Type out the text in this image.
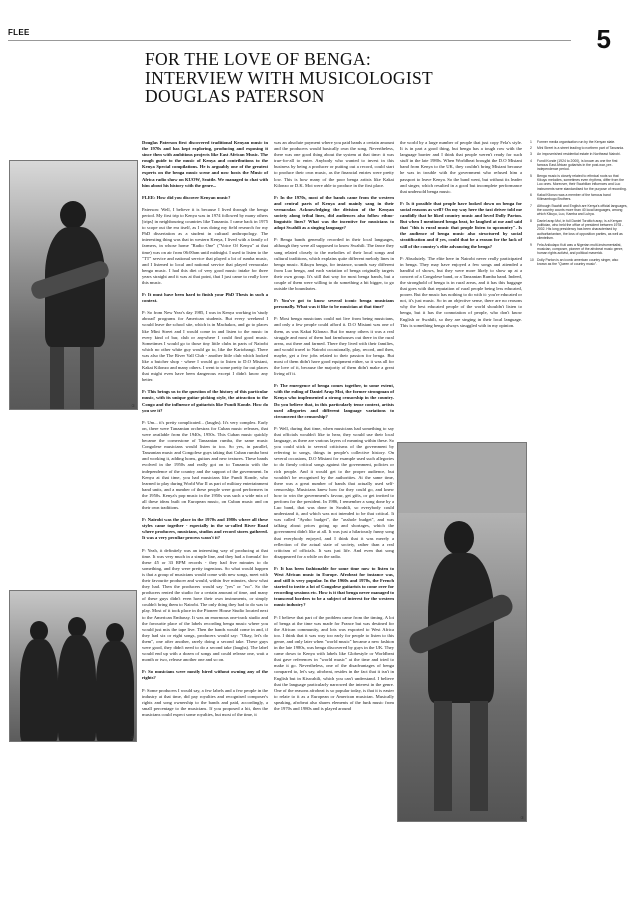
FLEE	5
FOR THE LOVE OF BENGA:
INTERVIEW WITH MUSICOLOGIST
DOUGLAS PATERSON
①
②
③

Douglas Paterson first discovered traditional Kenyan music in the 1970s and has kept exploring, producing and exposing it since then with ambitious projects like East African Music. The rough guide to the music of Kenya and contributions to the Kenya Special compilations. He is arguably one of the greatest experts on the benga music scene and now hosts the Music of Africa radio show on KUOW, Seattle. We managed to chat with him about his history with the genre...

FLEE: How did you discover Kenyan music?

Paterson: Well, I believe it is because I lived through the benga period. My first trip to Kenya was in 1974 followed by many others [trips] in neighbouring countries like Tanzania. I came back in 1975 to scope out the era itself, as I was doing my field research for my PhD dissertation as a student in cultural anthropology. The interesting thing was that in western Kenya, I lived with a family of farmers, in whose home "Radio One" ("Voice Of Kenya" at that time) was on air from 06:00am until midnight. I used to listen to the "TT" service and national service that played a lot of rumba music, and I listened to local and national service that played vernacular benga music. I had this diet of very good music intake for three years straight and it was at that point, that I just came to really love this music.

F: It must have been hard to finish your PhD Thesis in such a context.

P: So from New Year's day 1985, I was in Kenya working in 'study abroad' programs for American students. But every weekend I would leave the school site, which is in Machakos, and go to places like Mini Street and I would come in and listen to the music in every kind of bar, club or anywhere I could find good music. Sometimes I would go to those tiny little clubs in parts of Nairobi which no other white guy would go to, like the Kariobangi. There was also the The River Vall Club - another little club which looked like a butcher shop - where I would go to listen to D.O Misiani, Kakai Kilonzo and many others. I went to some pretty far out places that might even have been dangerous except I didn't know any better.

F: This brings us to the question of the history of this particular music, with its unique guitar picking style, the attraction to the Congo and the influence of guitarists like Fundi Konde. How do you see it?

P: Um... it's pretty complicated... (laughs). It's very complex. Early on, there were Tanzanian orchestras for Cuban music releases, that were available from the 1940s, 1950s. This Cuban music quickly became the cornerstone of Tanzanian rumba, the same music Congolese musicians would listen to too. So yes, in parallel, Tanzanian music and Congolese guys taking that Cuban rumba beat and working it, adding horns, guitars and new textures. These bands evolved in the 1950s and really got on to Tanzania with the independence of the country and the support of the government. In Kenya at that time, you had musicians like Fundi Konde, who learned to play during World War II as part of military entertainment band units, and a number of these people were good performers in the 1950s. Kenya's pop music in the 1950s was such a wide mix of all these ideas built on European music, on Cuban music and on their own traditions.

F: Nairobi was the place in the 1970s and 1980s where all these styles came together - especially in the so-called River Road where producers, musicians, studios and record stores gathered. It was a very peculiar process wasn't it?

P: Yeah, it definitely was an interesting way of producing at that time. It was very much in a simple line, and they had a formula' for these 45 or 33 RPM records - they had five minutes to do something, and they were pretty ingenious. So what would happen is that a group of musicians would come with new songs, meet with their favourite producer and would, within five minutes, show what they had. Then the producers would say "yes" or "no". So the producers rented the studio for a certain amount of time, and many of these guys didn't even have their own instruments, or simply couldn't bring them to Nairobi. The only thing they had to do was to play. Most of it took place in the Pioneer House Studio located next to the American Embassy. It was an enormous one-track studio and the favourite place of the labels recording benga music where you would just mix the tape live. Then the bands would come in and, if they had six or eight songs, producers would say: "Okay, let's do them", one after another, rarely doing a second take. These guys were good, they didn't need to do a second take (laughs). The label would end up with a dozen of songs and could release one, wait a month or two, release another one and so on.

F: So musicians were mostly hired without owning any of the rights?

P: Some producers I would say, a few labels and a few people in the industry at that time, did pay royalties and recognised composer's rights and song ownership to the bands and paid, accordingly, a small percentage to the musicians. If you proposed a hit, then the musicians could expect some royalties, but most of the time, it

was an absolute payment where you paid bands a certain amount and the producers would basically own the song. Nevertheless, there was one good thing about the system at that time: it was true-for-all to enter. Anybody who wanted to invest in this business by being a producer or putting out a record, could start to produce their own music, as the financial entries were pretty low. This is how many of the poor benga artists like Kakai Kilonzo or D.K. Moi were able to produce in the first place.

F: In the 1970s, most of the bands came from the western and central parts of Kenya and mainly sang in their vernacular. Acknowledging the division of the Kenyan society along tribal lines, did audiences also follow ethno-linguistic lines? What was the incentive for musicians to adopt Swahili as a singing language?

P: Benga bands generally recorded in their local languages, although they were all supposed to know Swahili. The fance they sang related closely to the melodies of their local songs and cultural traditions, which explains quite different melody lines in benga music. Kikuyu benga, for instance, sounds way different from Luo benga, and each variation of benga originally targets their own group. It's still that way for most benga bands, but a couple of them were willing to do something a bit bigger, to go outside the boundaries.

F: You've got to know several iconic benga musicians personally. What was it like to be musician at that time?

P: Most benga musicians could not live from being musicians, and only a few people could afford it. D.O Misiani was one of them, as was Kakai Kilonzo. But for many others it was a real struggle and most of them had farmhouses out there in the rural areas, out there and farmed. There they lived with their families, and would travel to Nairobi occasionally, play, record, and then, maybe, get a few jobs related to their passion for benga. But most of them didn't have good equipment either, so it was all for the love of it, because the majority of them didn't make a great living off it.

F: The emergence of benga comes together, to some extent, with the ruling of Daniel Arap Moi, the former strongman of Kenya who implemented a strong censorship in the country. Do you believe that, in this particularly tense context, artists used allegories and different language variations to circumvent the censorship?

P: Well, during that time, when musicians had something to say that officials wouldn't like to hear, they would use their local language, as there are various layers of meaning within these. So you could stick to several criticisms of the government by referring to songs, things in people's collective history. On several occasions, D.O Misiani for example used such allegories to do firmly critical songs against the government, policies or rich people. And it would get to the proper audience, but wouldn't be recognised by the authorities. At the same time, there was a great number of bands that actually used self-censorship. Musicians knew how far they could go, and knew how to win the government's favour, get gifts, or get invited to perform for the president. In 1986, I remember a song done by a Luo band, that was done in Swahili, so everybody could understand it, and which was not intended to be that critical. It was called "Ayoho budget", the "asshole budget", and was talking about prices going up and shortages, which the government didn't like at all. It was just a hilariously funny song that everybody enjoyed, and I think that it was merely a reflection of the actual state of society, rather than a real criticism of officials. It was just life. And even that song disappeared for a while on the radio.

F: It has been fashionable for some time now to listen to West African music in Europe. Afrobeat for instance was, and still is very popular. In the 1960s and 1970s, the French started to invite a lot of Congolese guitarists to come over for recording sessions etc. How is it that benga never managed to transcend borders to be a subject of interest for the western music industry?

P: I believe that part of the problem came from the timing. A lot of benga at the time was made for France but was destined for the African community, and lots was exported to West Africa too. I think that it was way too early for people to listen to this genre, and only later when "world music" became a new fashion in the late 1980s, was benga discovered by guys in the UK. They came down to Kenya with labels like Globestyle or Worldbeat that gave references in "world music" at the time and tried to make it go. Nevertheless, one of the disadvantages of benga compared to, let's say, afrobeat, resides in the fact that it isn't in English but in Kiswahili, which you can't understand. I believe that the language particularly narrowed the interest in the genre. One of the reasons afrobeat is so popular today, is that it is easier to relate to it as a European or American musician. Musically speaking, afrobeat also shares elements of the funk music from the 1970s and 1980s and is played around

the world by a large number of people that just copy Fela's style. It is in part a good thing, but benga has a tough row with the language barrier and I think that people weren't ready for such stuff in the late 1980s. When Worldbeat brought the D.O Misiani band from Kenya to the UK, they couldn't bring Misiani because he was in trouble with the government who refused him a passport to leave Kenya. So the band went, but without its leader and singer, which resulted in a good but incomplete performance that undersold benga music.

F: Is it possible that people have looked down on benga for social reasons as well? On my way here the taxi driver told me candidly that he liked country music and loved Dolly Parton. But when I mentioned benga beat, he laughed at me and said that "this is rural music that people listen to upcountry". Is the audience of benga music also structured by social stratification and if yes, could that be a reason for the lack of will of the country's elite advancing the benga?

P: Absolutely. The elite here in Nairobi never really participated in benga. They may have enjoyed a few songs and attended a handful of shows, but they were more likely to show up at a concert of a Congolese band, or a Tanzanian Rumba band. Indeed, the stronghold of benga is in rural areas, and it has this baggage that goes with that reputation of rural people being less educated, poorer. But the music has nothing to do with it: you're educated or not, it's just music. So in an objective sense, there are no reasons why the best educated people of the world shouldn't listen to benga, but it has the connotation of people, who don't know English or Swahili, so they are singing in their local language. This is something benga always struggled with in my opinion.

1	Former media organisation run by the Kenyan state.
2	Mini Street is a street leading to northern part of Tanzania.
3	An impoverished residential estate in Northeast Nairobi.
4	Fundi Konde (1924 to 2000), is known as one the first famous East African guitarists in the post-war, pre-independence period.
5	Benga music is closely related to ethnical roots so that Kikuyu melodies, sometimes even rhythms, differ from the Luo ones. Moreover, their Swahilian influences and Luo instruments were standardised for the purpose of recording.
6	Kakai Kilonzo was a member of the famous band Kilimambogo Brothers.
7	Although Swahili and English are Kenya's official languages, the country counts more than 40 local languages, among which Kikuyu, Luo, Kamba and Luhya.
8	Daniel arap Moi, in full Daniel Toroitich arap, is a Kenyan politician, who held the office of president between 1978 - 2002. His long presidency has been characterised by authoritarianism, the loss of opposition parties, as well as clientelism.
9	Fela Anikulapo Kuti was a Nigerian multi-instrumentalist, musician, composer, pioneer of the afrobeat music genre, human rights activist, and political maverick.
10 Dolly Parton is an iconic american country singer, also known as the "Queen of country music".
